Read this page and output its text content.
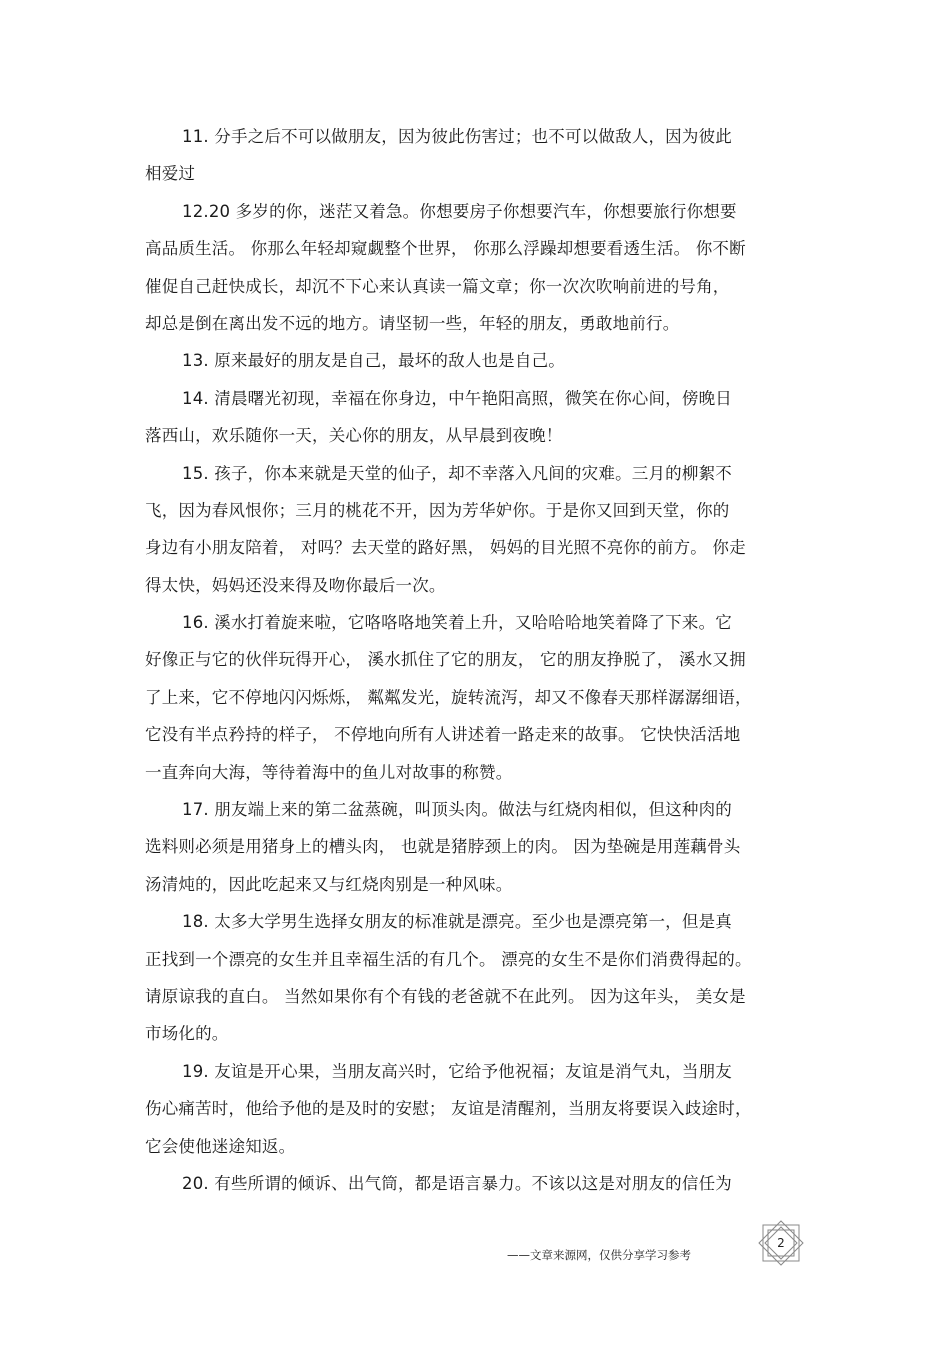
11. 分手之后不可以做朋友，因为彼此伤害过；也不可以做敌人，因为彼此
相爱过
12.20 多岁的你，迷茫又着急。你想要房子你想要汽车，你想要旅行你想要
高品质生活。 你那么年轻却窥觑整个世界， 你那么浮躁却想要看透生活。 你不断
催促自己赶快成长，却沉不下心来认真读一篇文章；你一次次吹响前进的号角，
却总是倒在离出发不远的地方。请坚韧一些，年轻的朋友，勇敢地前行。
13. 原来最好的朋友是自己，最坏的敌人也是自己。
14. 清晨曙光初现，幸福在你身边，中午艳阳高照，微笑在你心间，傍晚日
落西山，欢乐随你一天，关心你的朋友，从早晨到夜晚！
15. 孩子，你本来就是天堂的仙子，却不幸落入凡间的灾难。三月的柳絮不
飞，因为春风恨你；三月的桃花不开，因为芳华妒你。于是你又回到天堂，你的
身边有小朋友陪着， 对吗？去天堂的路好黑， 妈妈的目光照不亮你的前方。 你走
得太快，妈妈还没来得及吻你最后一次。
16. 溪水打着旋来啦，它咯咯咯地笑着上升，又哈哈哈地笑着降了下来。它
好像正与它的伙伴玩得开心， 溪水抓住了它的朋友， 它的朋友挣脱了， 溪水又拥
了上来，它不停地闪闪烁烁， 粼粼发光，旋转流泻，却又不像春天那样潺潺细语，
它没有半点矜持的样子， 不停地向所有人讲述着一路走来的故事。 它快快活活地
一直奔向大海，等待着海中的鱼儿对故事的称赞。
17. 朋友端上来的第二盆蒸碗，叫顶头肉。做法与红烧肉相似，但这种肉的
选料则必须是用猪身上的槽头肉， 也就是猪脖颈上的肉。 因为垫碗是用莲藕骨头
汤清炖的，因此吃起来又与红烧肉别是一种风味。
18. 太多大学男生选择女朋友的标准就是漂亮。至少也是漂亮第一，但是真
正找到一个漂亮的女生并且幸福生活的有几个。 漂亮的女生不是你们消费得起的。
请原谅我的直白。 当然如果你有个有钱的老爸就不在此列。 因为这年头， 美女是
市场化的。
19. 友谊是开心果，当朋友高兴时，它给予他祝福；友谊是消气丸，当朋友
伤心痛苦时，他给予他的是及时的安慰； 友谊是清醒剂，当朋友将要误入歧途时，
它会使他迷途知返。
20. 有些所谓的倾诉、出气筒，都是语言暴力。不该以这是对朋友的信任为
——文章来源网，仅供分享学习参考
2
